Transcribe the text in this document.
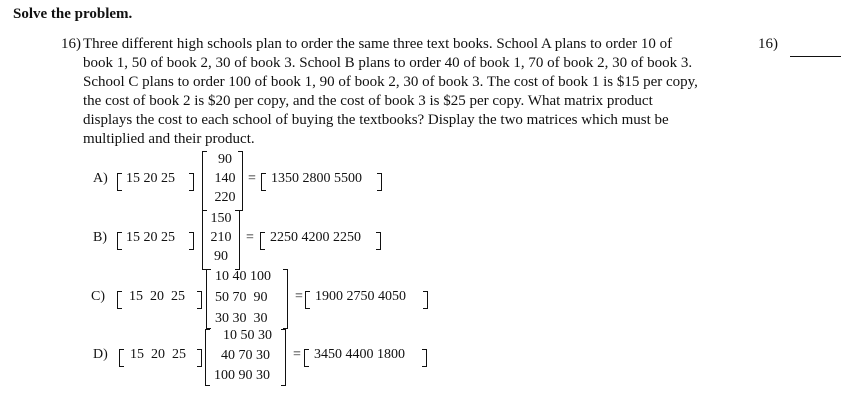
Solve the problem.
16) Three different high schools plan to order the same three text books. School A plans to order 10 of
book 1, 50 of book 2, 30 of book 3. School B plans to order 40 of book 1, 70 of book 2, 30 of book 3.
School C plans to order 100 of book 1, 90 of book 2, 30 of book 3. The cost of book 1 is $15 per copy,
the cost of book 2 is $20 per copy, and the cost of book 3 is $25 per copy. What matrix product
displays the cost to each school of buying the textbooks? Display the two matrices which must be
multiplied and their product.
16)
A) 15 20 25
90
140
220
= 1350 2800 5500
B) 15 20 25
150
210
90
= 2250 4200 2250
C) 15  20  25
10 40 100
50 70  90
30 30  30
= 1900 2750 4050
D) 15  20  25
10 50 30
40 70 30
100 90 30
= 3450 4400 1800
